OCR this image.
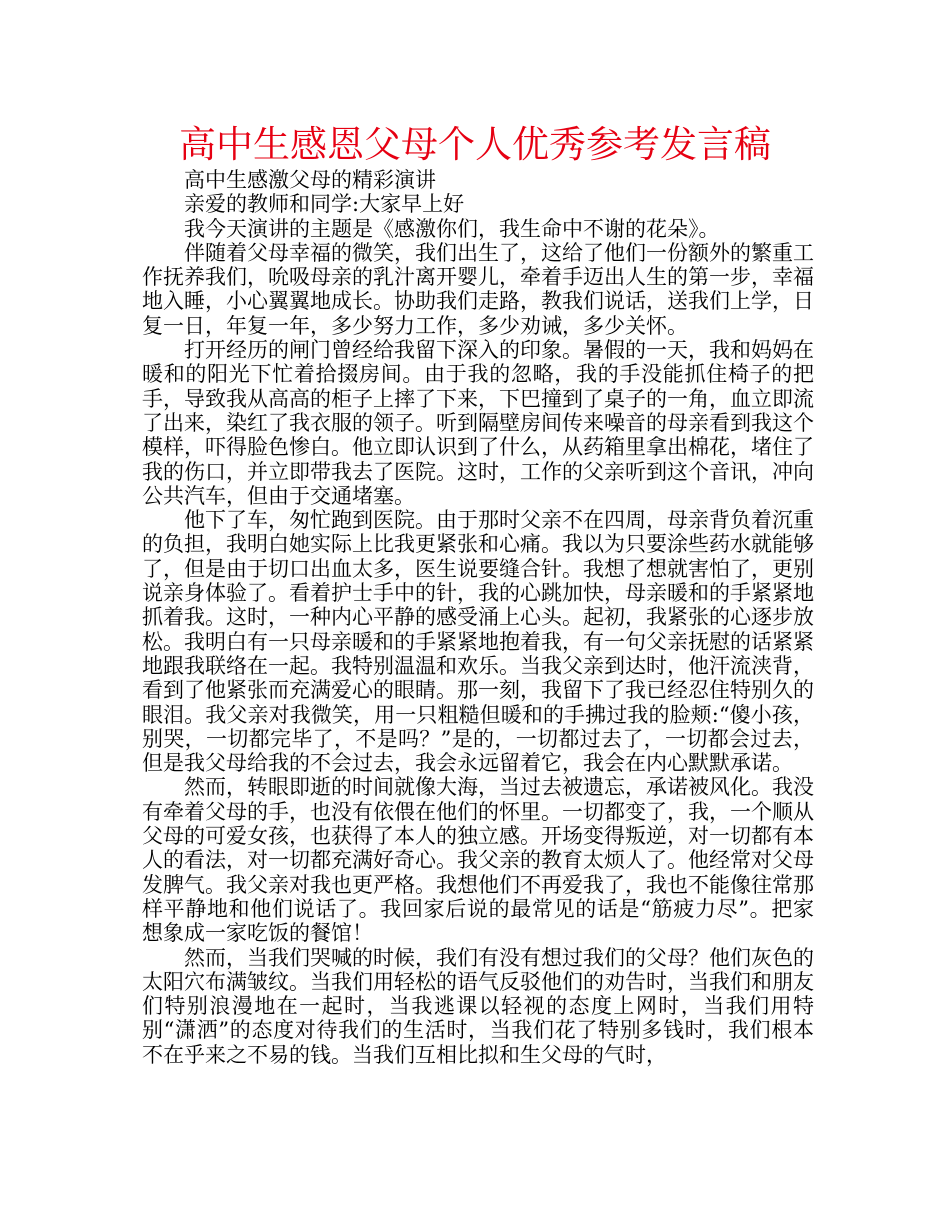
高中生感恩父母个人优秀参考发言稿

高中生感激父母的精彩演讲

亲爱的教师和同学:大家早上好

我今天演讲的主题是《感激你们，我生命中不谢的花朵》。

伴随着父母幸福的微笑，我们出生了，这给了他们一份额外的繁重工作抚养我们，吮吸母亲的乳汁离开婴儿，牵着手迈出人生的第一步，幸福地入睡，小心翼翼地成长。协助我们走路，教我们说话，送我们上学，日复一日，年复一年，多少努力工作，多少劝诫，多少关怀。

打开经历的闸门曾经给我留下深入的印象。暑假的一天，我和妈妈在暖和的阳光下忙着拾掇房间。由于我的忽略，我的手没能抓住椅子的把手，导致我从高高的柜子上摔了下来，下巴撞到了桌子的一角，血立即流了出来，染红了我衣服的领子。听到隔壁房间传来噪音的母亲看到我这个模样，吓得脸色惨白。他立即认识到了什么，从药箱里拿出棉花，堵住了我的伤口，并立即带我去了医院。这时，工作的父亲听到这个音讯，冲向公共汽车，但由于交通堵塞。

他下了车，匆忙跑到医院。由于那时父亲不在四周，母亲背负着沉重的负担，我明白她实际上比我更紧张和心痛。我以为只要涂些药水就能够了，但是由于切口出血太多，医生说要缝合针。我想了想就害怕了，更别说亲身体验了。看着护士手中的针，我的心跳加快，母亲暖和的手紧紧地抓着我。这时，一种内心平静的感受涌上心头。起初，我紧张的心逐步放松。我明白有一只母亲暖和的手紧紧地抱着我，有一句父亲抚慰的话紧紧地跟我联络在一起。我特别温温和欢乐。当我父亲到达时，他汗流浃背，看到了他紧张而充满爱心的眼睛。那一刻，我留下了我已经忍住特别久的眼泪。我父亲对我微笑，用一只粗糙但暖和的手拂过我的脸颊:“傻小孩，别哭，一切都完毕了，不是吗？”是的，一切都过去了，一切都会过去，但是我父母给我的不会过去，我会永远留着它，我会在内心默默承诺。

然而，转眼即逝的时间就像大海，当过去被遗忘，承诺被风化。我没有牵着父母的手，也没有依偎在他们的怀里。一切都变了，我，一个顺从父母的可爱女孩，也获得了本人的独立感。开场变得叛逆，对一切都有本人的看法，对一切都充满好奇心。我父亲的教育太烦人了。他经常对父母发脾气。我父亲对我也更严格。我想他们不再爱我了，我也不能像往常那样平静地和他们说话了。我回家后说的最常见的话是“筋疲力尽”。把家想象成一家吃饭的餐馆！

然而，当我们哭喊的时候，我们有没有想过我们的父母？他们灰色的太阳穴布满皱纹。当我们用轻松的语气反驳他们的劝告时，当我们和朋友们特别浪漫地在一起时，当我逃课以轻视的态度上网时，当我们用特别“潇洒”的态度对待我们的生活时，当我们花了特别多钱时，我们根本不在乎来之不易的钱。当我们互相比拟和生父母的气时，
